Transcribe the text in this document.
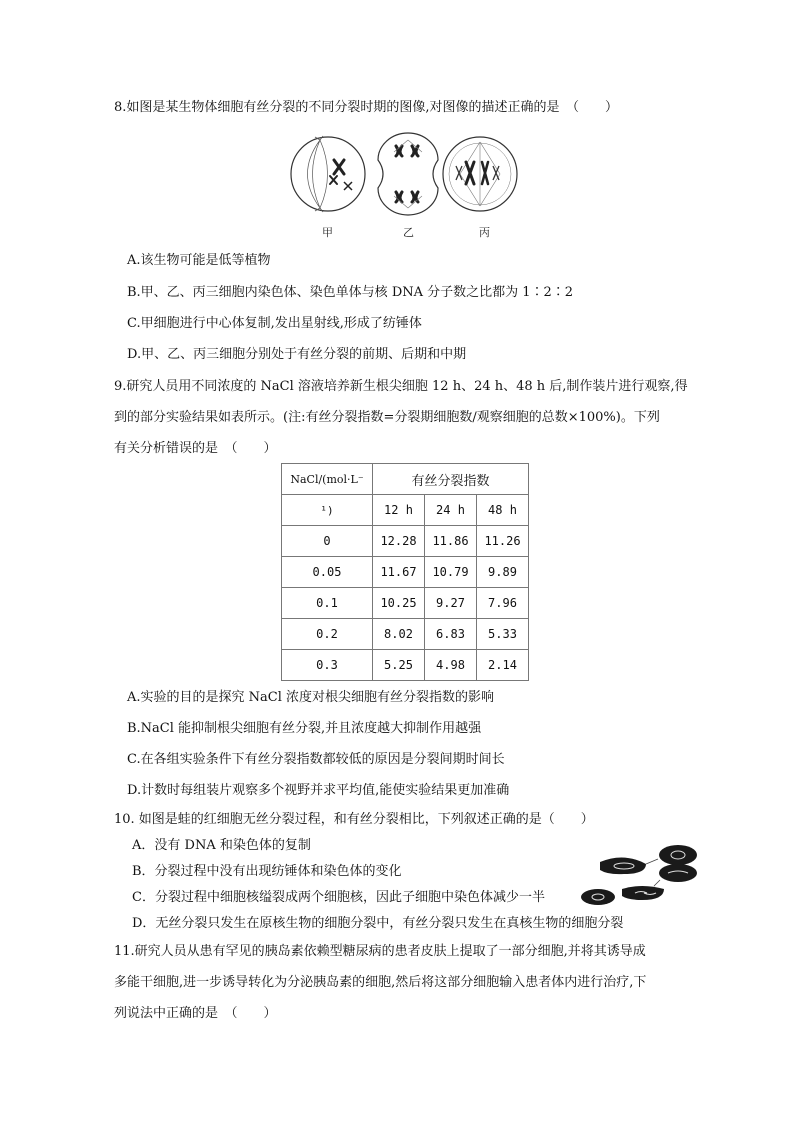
8.如图是某生物体细胞有丝分裂的不同分裂时期的图像,对图像的描述正确的是　（　　）
甲	乙	丙
A.该生物可能是低等植物
B.甲、乙、丙三细胞内染色体、染色单体与核 DNA 分子数之比都为 1∶2∶2
C.甲细胞进行中心体复制,发出星射线,形成了纺锤体
D.甲、乙、丙三细胞分别处于有丝分裂的前期、后期和中期
9.研究人员用不同浓度的 NaCl 溶液培养新生根尖细胞 12 h、24 h、48 h 后,制作装片进行观察,得
到的部分实验结果如表所示。(注:有丝分裂指数=分裂期细胞数/观察细胞的总数×100%)。下列
有关分析错误的是　（　　）
NaCl/(mol·L⁻	有丝分裂指数		
¹)	12 h	24 h	48 h
0	12.28	11.86	11.26
0.05	11.67	10.79	9.89
0.1	10.25	9.27	7.96
0.2	8.02	6.83	5.33
0.3	5.25	4.98	2.14
A.实验的目的是探究 NaCl 浓度对根尖细胞有丝分裂指数的影响
B.NaCl 能抑制根尖细胞有丝分裂,并且浓度越大抑制作用越强
C.在各组实验条件下有丝分裂指数都较低的原因是分裂间期时间长
D.计数时每组装片观察多个视野并求平均值,能使实验结果更加准确
10. 如图是蛙的红细胞无丝分裂过程，和有丝分裂相比，下列叙述正确的是（　　）
A．没有 DNA 和染色体的复制
B．分裂过程中没有出现纺锤体和染色体的变化
C．分裂过程中细胞核缢裂成两个细胞核，因此子细胞中染色体减少一半
D．无丝分裂只发生在原核生物的细胞分裂中，有丝分裂只发生在真核生物的细胞分裂
11.研究人员从患有罕见的胰岛素依赖型糖尿病的患者皮肤上提取了一部分细胞,并将其诱导成
多能干细胞,进一步诱导转化为分泌胰岛素的细胞,然后将这部分细胞输入患者体内进行治疗,下
列说法中正确的是　（　　）
